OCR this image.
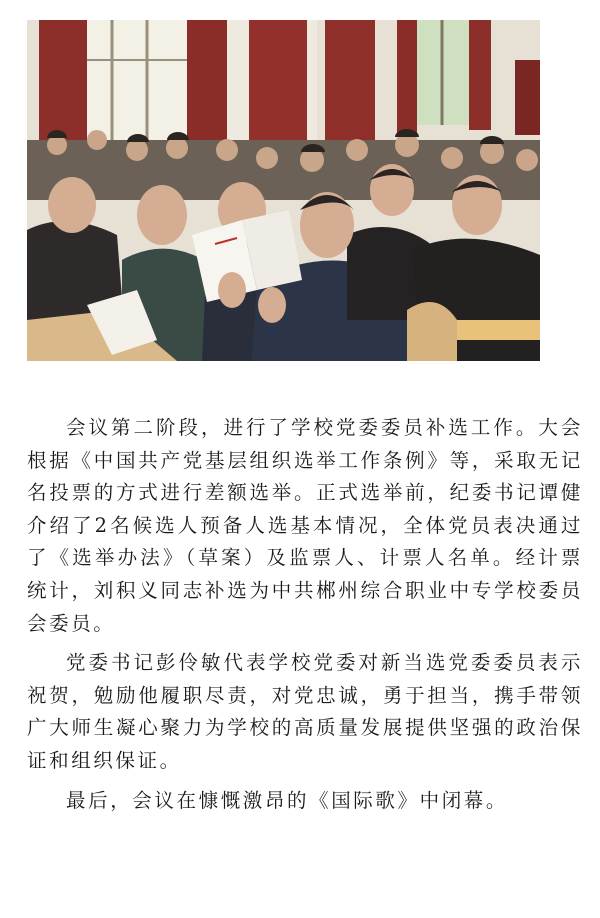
会议第二阶段，进行了学校党委委员补选工作。大会根据《中国共产党基层组织选举工作条例》等，采取无记名投票的方式进行差额选举。正式选举前，纪委书记谭健介绍了2名候选人预备人选基本情况，全体党员表决通过了《选举办法》（草案）及监票人、计票人名单。经计票统计，刘积义同志补选为中共郴州综合职业中专学校委员会委员。

党委书记彭伶敏代表学校党委对新当选党委委员表示祝贺，勉励他履职尽责，对党忠诚，勇于担当，携手带领广大师生凝心聚力为学校的高质量发展提供坚强的政治保证和组织保证。

最后，会议在慷慨激昂的《国际歌》中闭幕。
